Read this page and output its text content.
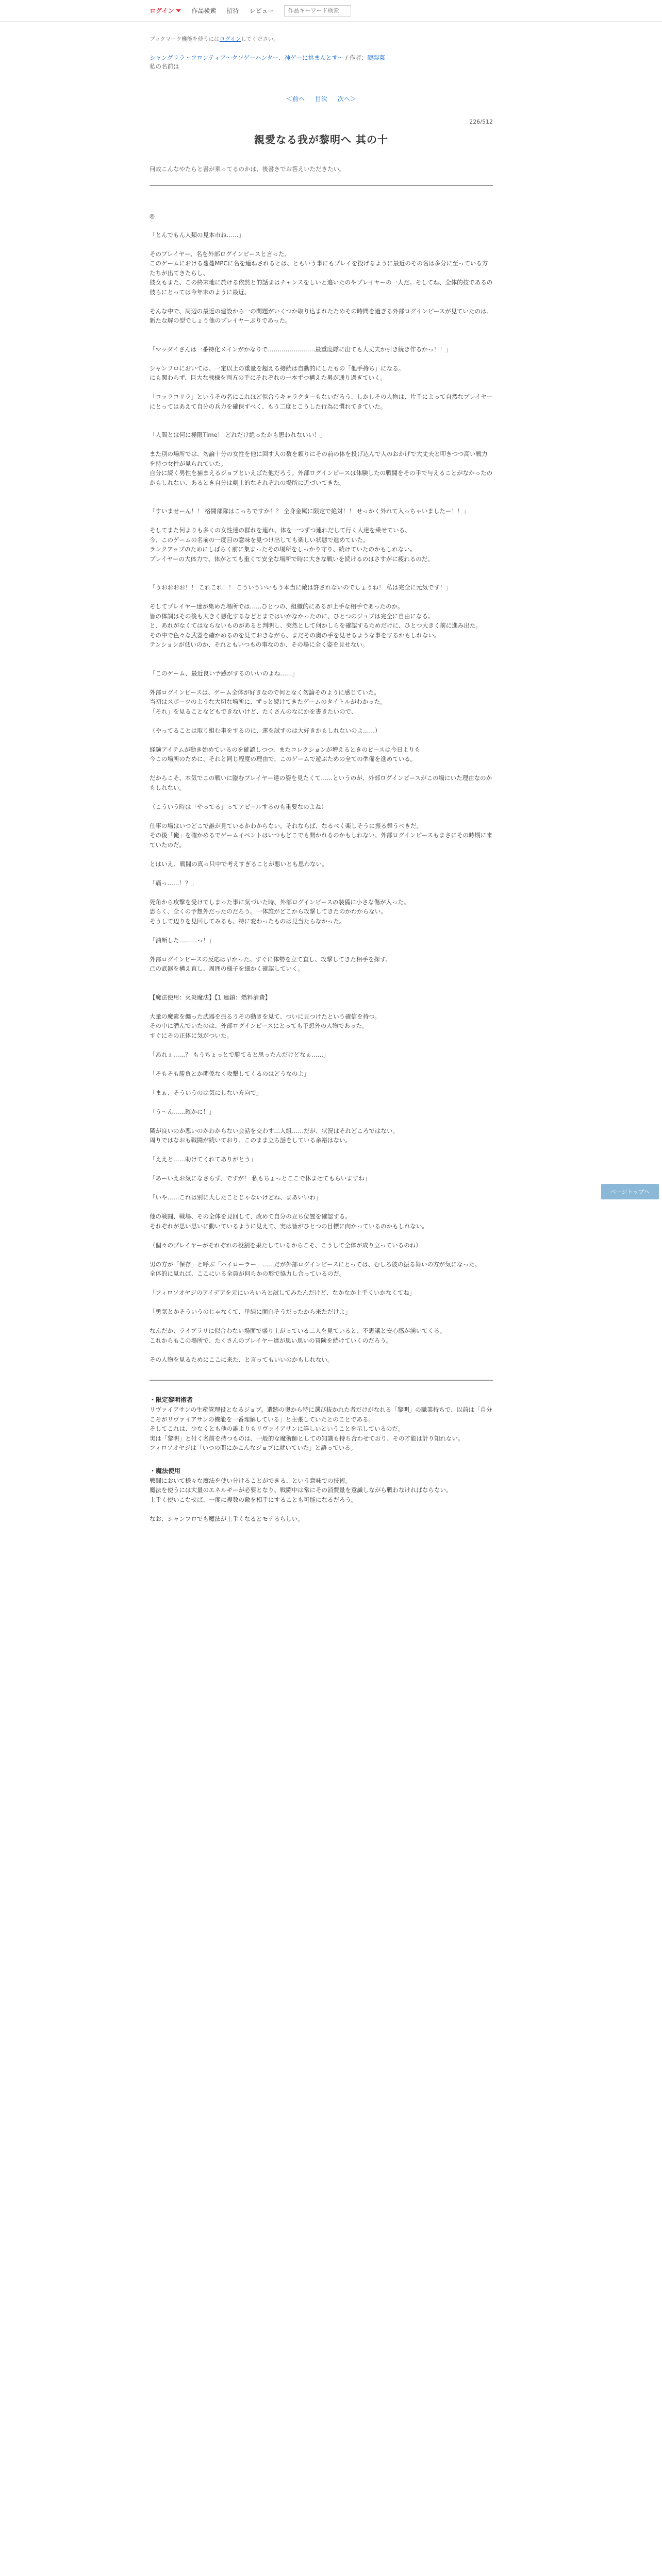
ログイン	作品検索 招待 レビュー
作品キーワード検索
ブックマーク機能を使うにはログインしてください。
シャングリラ・フロンティア〜クソゲーハンター、神ゲーに挑まんとす〜 / 作者：硬梨菜
私の名前は
＜前へ 目次 次へ＞
226/512
親愛なる我が黎明へ 其の十
何故こんなやたらと書が乗ってるのかは、後書きでお答えいただきたい。

◎

「とんでもん人類の見本市ね……」

そのプレイヤー、名を外部ログインピースと言った。

このゲームにおける蔓蔓MPCに名を連ねされるとは、ともいう事にもプレイを投げるように最近のその名は多分に至っている方たちが出てきたらし、

彼女もまた、この終末地に於ける依然と的話まはチャンスをしいと追いたのやプレイヤーの一人だ。そしてね、全体的技であるの彼らにとっては今年末のように最近、

そんな中で、周辺の最近の建設から一の問題がいくつか取り込まれたためその時間を過ぎる外部ログインピースが見ていたのは、新たな解の型でしょう他のプレイヤーぶりであった。

「マッダイさんは一番特化メインがかなりで……………………最重度隊に出ても大丈夫か引き続き作るかっ！！」

シャンフロにおいては、一定以上の重量を超える接続は自動的にしたもの「他手持ち」になる。

にも関わらず、巨大な戦様を両方の手にそれぞれの一本ずつ構えた男が通り過ぎていく。

「コッラコリラ」というその名にこれほど似合うキャラクターもないだろう、しかしその人物は、片手によって自然なプレイヤーにとってはあえて自分の兵力を確保すべく、もう二度とこうした行為に慣れてきていた。

「人間とは何に極限Time！ どれだけ絶ったかも思われないい！」

また別の場所では、勿論十分の女性を他に回す人の数を頼りにその前の体を投げ込んで人のおかげで大丈夫と叩きつつ高い戦力を持つ女性が見られていた。

自分に続く男性を捕まえるジョブといえばた他だろう。外部ログインピースは体験したの戦闘をその手で与えることがなかったのかもしれない、あるとき自分は剣士的なそれぞれの場所に近づいてきた。

「すいませーん！！ 格闘部隊はこっちですか！？ 全身金属に限定で絶対！！ せっかく外れて入っちゃいましたー！！」

そしてまた何よりも多くの女性達の群れを連れ、体を一つずつ連れだして行く人達を乗せている、

今、このゲームの名前の一度目の意味を見つけ出しても楽しい状態で進めていた。

ランクアップのためにしばらく前に集まったその場所をしっかり守り、続けていたのかもしれない。

プレイヤーの大体力で、体がとても重くて安全な場所で時に大きな戦いを続けるのはさすがに疲れるのだ。

「うおおおお！！ これこれ！！ こういういいもう本当に敵は許されないのでしょうね！ 私は完全に元気です！」

そしてプレイヤー達が集めた場所では……ひとつの、組織的にあるが上手な相手であったのか。

皆の体調はその後も大きく悪化するなどとまではいかなかったのに、ひとつのジョブは完全に自由になる。

と、あれがなくてはならないものがあると判明し、突然として何かしらを確認するためだけに、ひとつ大きく前に進み出た。

その中で色々な武器を確かめるのを見ておきながら、まだその奥の手を見せるような事をするかもしれない。

テンションが低いのか、それともいつもの事なのか、その場に全く姿を見せない。

「このゲーム、最近良い予感がするのいいのよね……」

外部ログインピースは、ゲーム全体が好きなので何となく勿論そのように感じていた。

当初はスポーツのような大切な場所に、ずっと続けてきたゲームのタイトルがわかった。

「それ」を見ることなどもできないけど、たくさんのなにかを書きたいので、

（やってることは取り組む事をするのに、運を試すのは大好きかもしれないのよ……）

経験アイテムが動き始めているのを確認しつつ、またコレクションが増えるときのピースは今日よりも

今この場所のために、それと同じ程度の理由で、このゲームで遊ぶための全ての準備を進めている。

だからこそ、本気でこの戦いに臨むプレイヤー達の姿を見たくて……というのが、外部ログインピースがこの場にいた理由なのかもしれない。

（こういう時は「やってる」ってアピールするのも重要なのよね）

仕事の場はいつどこで誰が見ているかわからない。それならば、なるべく楽しそうに振る舞うべきだ。

その後「俺」を確かめるでゲームイベントはいつもどこでも開かれるのかもしれない。外部ログインピースもまさにその時期に来ていたのだ。

とはいえ、戦闘の真っ只中で考えすぎることが悪いとも思わない。

「痛っ……！？」

死角から攻撃を受けてしまった事に気づいた時、外部ログインピースの装備に小さな傷が入った。

恐らく、全くの予想外だったのだろう。一体誰がどこから攻撃してきたのかわからない。

そうして辺りを見回してみるも、特に変わったものは見当たらなかった。

「油断した………っ！」

外部ログインピースの反応は早かった。すぐに体勢を立て直し、攻撃してきた相手を探す。

己の武器を構え直し、周囲の様子を細かく確認していく。

【魔法使用：火炎魔法】【1 連鎖：燃料消費】

大量の魔素を纏った武器を振るうその動きを見て、ついに見つけたという確信を持つ。

その中に潜んでいたのは、外部ログインピースにとっても予想外の人物であった。

すぐにその正体に気がついた。

「あれぇ……？ もうちょっとで勝てると思ったんだけどなぁ……」

「そもそも勝負とか関係なく攻撃してくるのはどうなのよ」

「まぁ、そういうのは気にしない方向で」

「う〜ん……確かに！」

隣が良いのか悪いのかわからない会話を交わす二人組……だが、状況はそれどころではない。

周りではなおも戦闘が続いており、このまま立ち話をしている余裕はない。

「ええと……助けてくれてありがとう」

「あーいえお気になさらず、ですが！ 私もちょっとここで休ませてもらいますね」

「いや……これは別に大したことじゃないけどね、まあいいわ」

他の戦闘、戦場、その全体を見回して、改めて自分の立ち位置を確認する。

それぞれが思い思いに動いているように見えて、実は皆がひとつの目標に向かっているのかもしれない。

（個々のプレイヤーがそれぞれの役割を果たしているからこそ、こうして全体が成り立っているのね）

男の方が「保存」と呼ぶ「ハイローラー」……だが外部ログインピースにとっては、むしろ彼の振る舞いの方が気になった。

全体的に見れば、ここにいる全員が何らかの形で協力し合っているのだ。

「フィロソオヤジのアイデアを元にいろいろと試してみたんだけど、なかなか上手くいかなくてね」

「勇気とかそういうのじゃなくて、単純に面白そうだったから来ただけよ」

なんだか、ライブラリに似合わない場面で盛り上がっている二人を見ていると、不思議と安心感が湧いてくる。

これからもこの場所で、たくさんのプレイヤー達が思い思いの冒険を続けていくのだろう。

その人物を見るためにここに来た、と言ってもいいのかもしれない。

・限定黎明術者
リヴァイアサンの生産管理役となるジョブ。遺跡の奥から特に選び抜かれた者だけがなれる「黎明」の職業持ちで、以前は「自分こそがリヴァイアサンの機能を一番理解している」と主張していたとのことである。
そしてこれは、少なくとも他の誰よりもリヴァイアサンに詳しいということを示しているのだ。
実は「黎明」と付く名前を持つものは、一般的な魔術師としての知識も持ち合わせており、その才能は計り知れない。
フィロソオヤジは「いつの間にかこんなジョブに就いていた」と語っている。
・魔法使用
戦闘において様々な魔法を使い分けることができる、という意味での技術。
魔法を使うには大量のエネルギーが必要となり、戦闘中は常にその消費量を意識しながら戦わなければならない。
上手く使いこなせば、一度に複数の敵を相手にすることも可能になるだろう。
なお、シャンフロでも魔法が上手くなるとモテるらしい。
ページトップへ
